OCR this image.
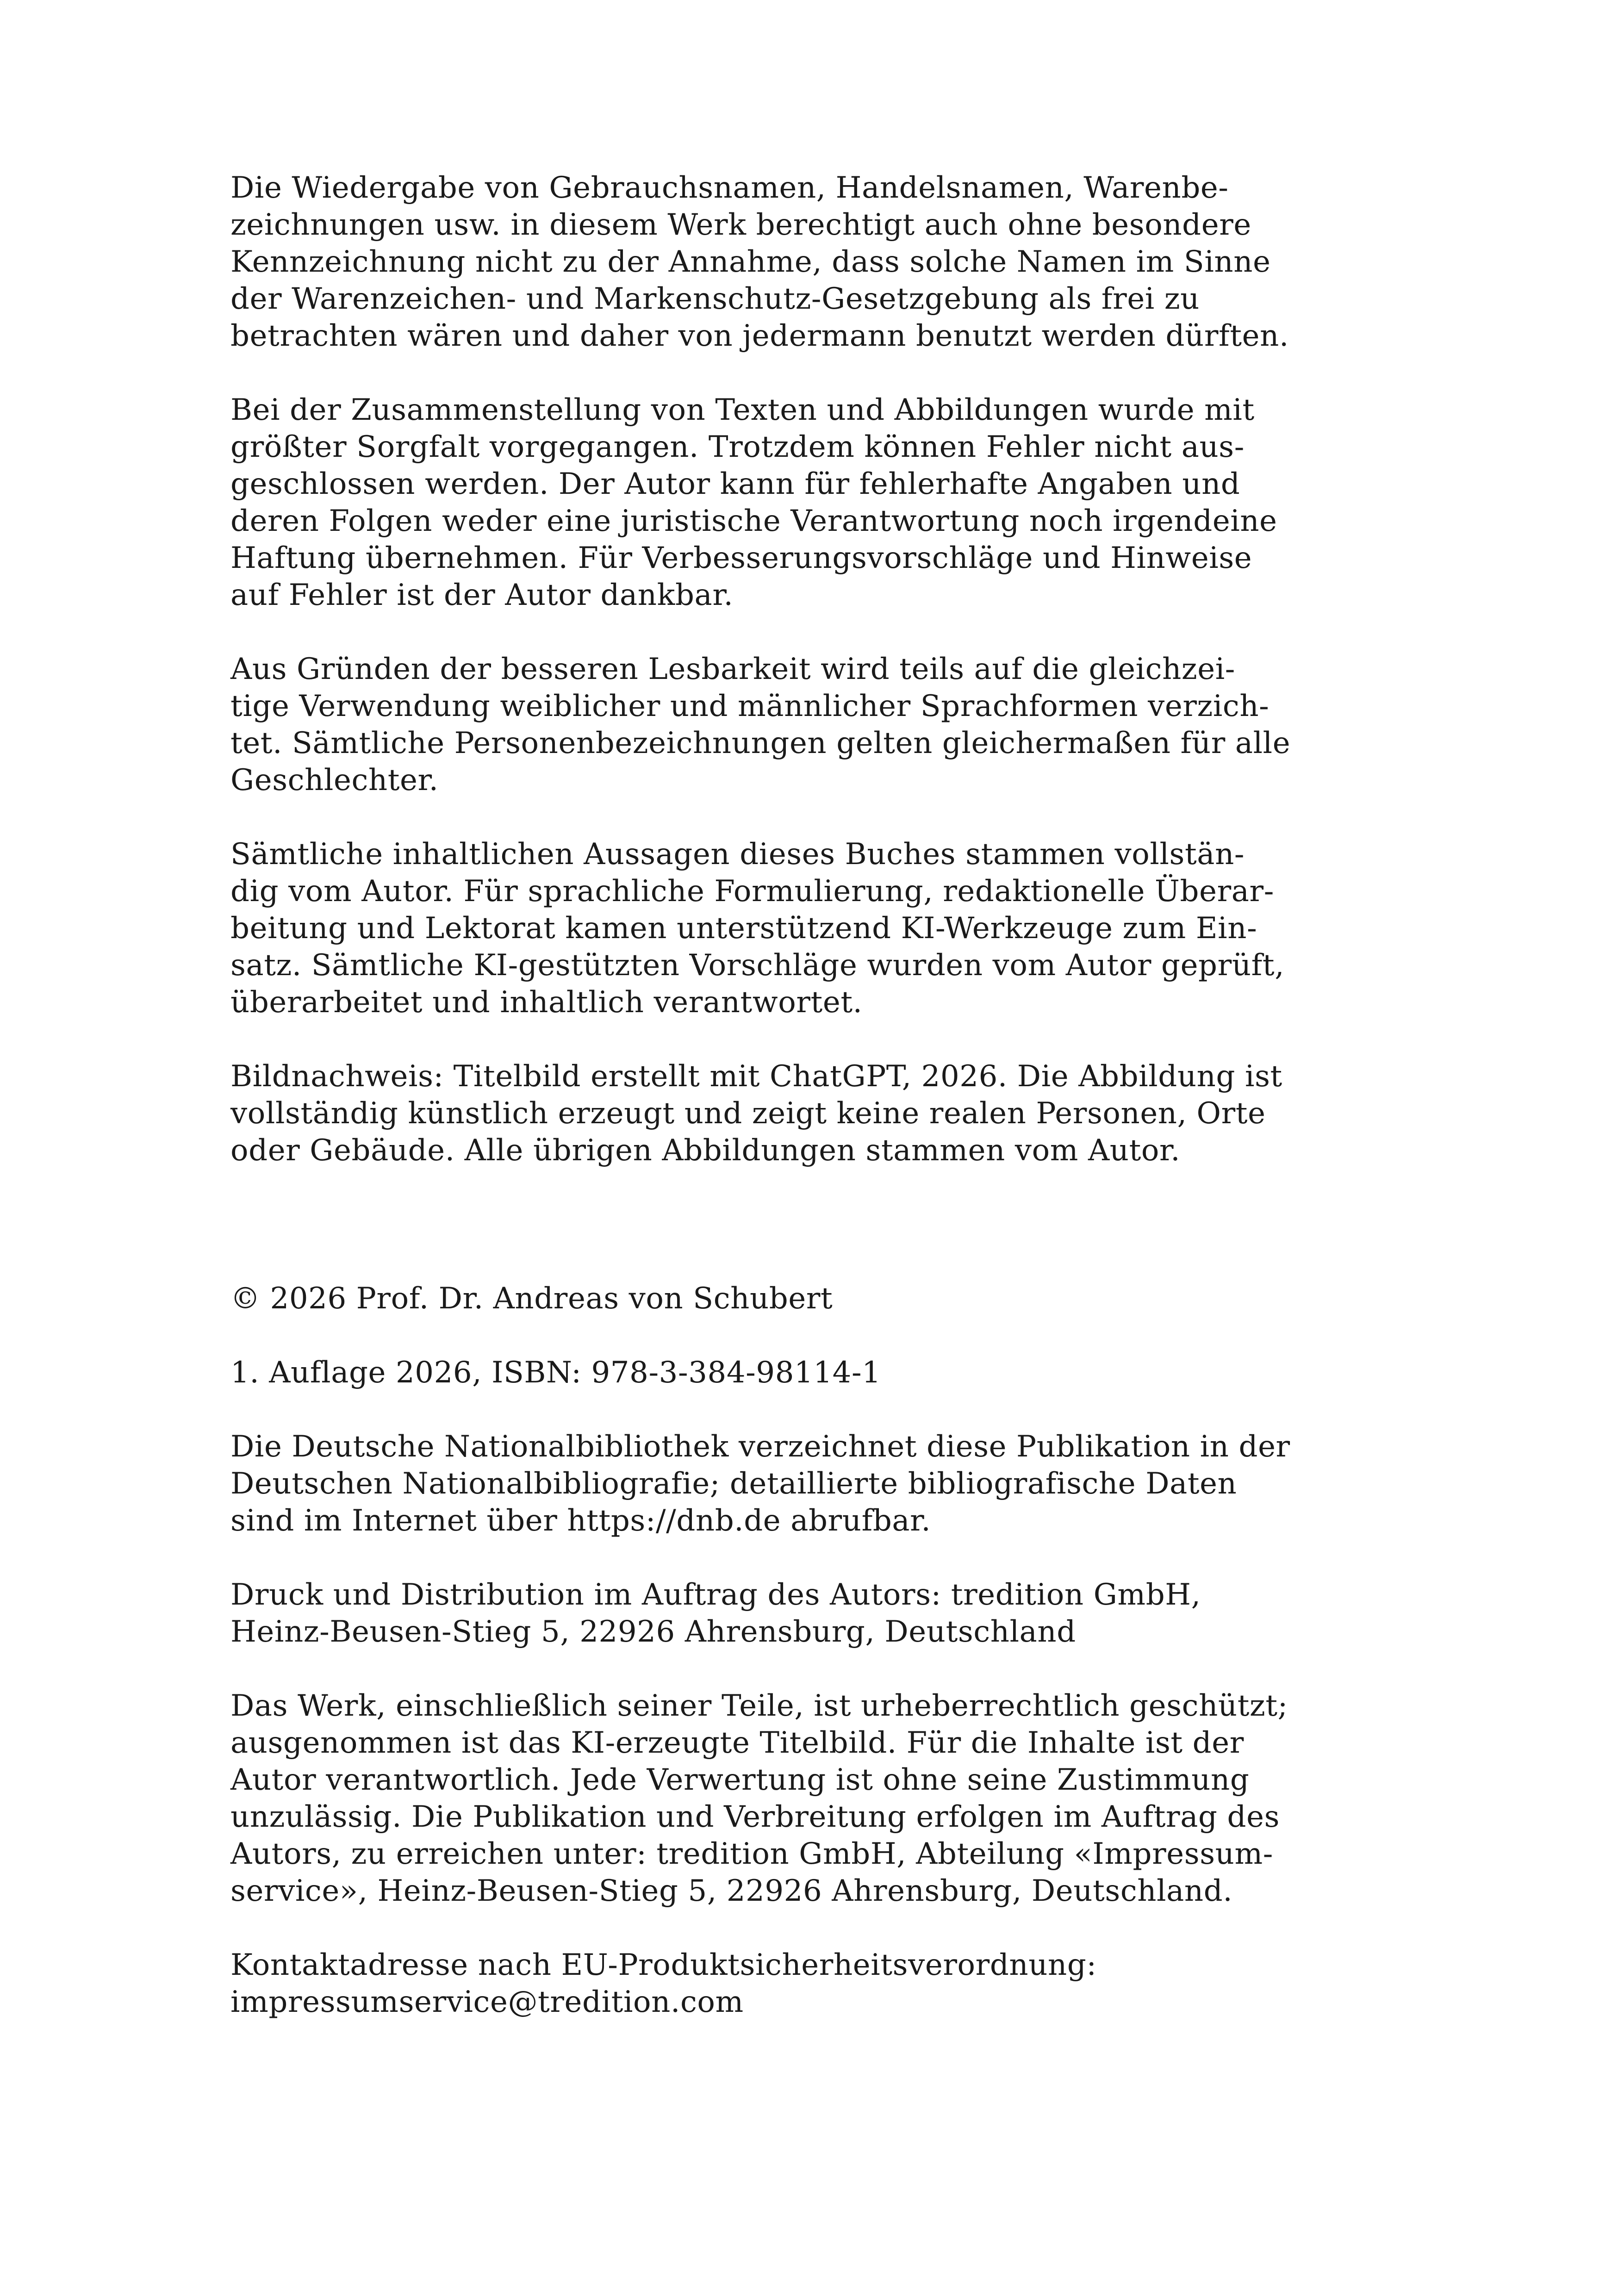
Die Wiedergabe von Gebrauchsnamen, Handelsnamen, Warenbe-
zeichnungen usw. in diesem Werk berechtigt auch ohne besondere
Kennzeichnung nicht zu der Annahme, dass solche Namen im Sinne
der Warenzeichen- und Markenschutz-Gesetzgebung als frei zu
betrachten wären und daher von jedermann benutzt werden dürften.

Bei der Zusammenstellung von Texten und Abbildungen wurde mit
größter Sorgfalt vorgegangen. Trotzdem können Fehler nicht aus-
geschlossen werden. Der Autor kann für fehlerhafte Angaben und
deren Folgen weder eine juristische Verantwortung noch irgendeine
Haftung übernehmen. Für Verbesserungsvorschläge und Hinweise
auf Fehler ist der Autor dankbar.

Aus Gründen der besseren Lesbarkeit wird teils auf die gleichzei-
tige Verwendung weiblicher und männlicher Sprachformen verzich-
tet. Sämtliche Personenbezeichnungen gelten gleichermaßen für alle
Geschlechter.

Sämtliche inhaltlichen Aussagen dieses Buches stammen vollstän-
dig vom Autor. Für sprachliche Formulierung, redaktionelle Überar-
beitung und Lektorat kamen unterstützend KI-Werkzeuge zum Ein-
satz. Sämtliche KI-gestützten Vorschläge wurden vom Autor geprüft,
überarbeitet und inhaltlich verantwortet.

Bildnachweis: Titelbild erstellt mit ChatGPT, 2026. Die Abbildung ist
vollständig künstlich erzeugt und zeigt keine realen Personen, Orte
oder Gebäude. Alle übrigen Abbildungen stammen vom Autor.

© 2026 Prof. Dr. Andreas von Schubert

1. Auflage 2026, ISBN: 978-3-384-98114-1

Die Deutsche Nationalbibliothek verzeichnet diese Publikation in der
Deutschen Nationalbibliografie; detaillierte bibliografische Daten
sind im Internet über https://dnb.de abrufbar.

Druck und Distribution im Auftrag des Autors: tredition GmbH,
Heinz-Beusen-Stieg 5, 22926 Ahrensburg, Deutschland

Das Werk, einschließlich seiner Teile, ist urheberrechtlich geschützt;
ausgenommen ist das KI-erzeugte Titelbild. Für die Inhalte ist der
Autor verantwortlich. Jede Verwertung ist ohne seine Zustimmung
unzulässig. Die Publikation und Verbreitung erfolgen im Auftrag des
Autors, zu erreichen unter: tredition GmbH, Abteilung «Impressum-
service», Heinz-Beusen-Stieg 5, 22926 Ahrensburg, Deutschland.

Kontaktadresse nach EU-Produktsicherheitsverordnung:
impressumservice@tredition.com
